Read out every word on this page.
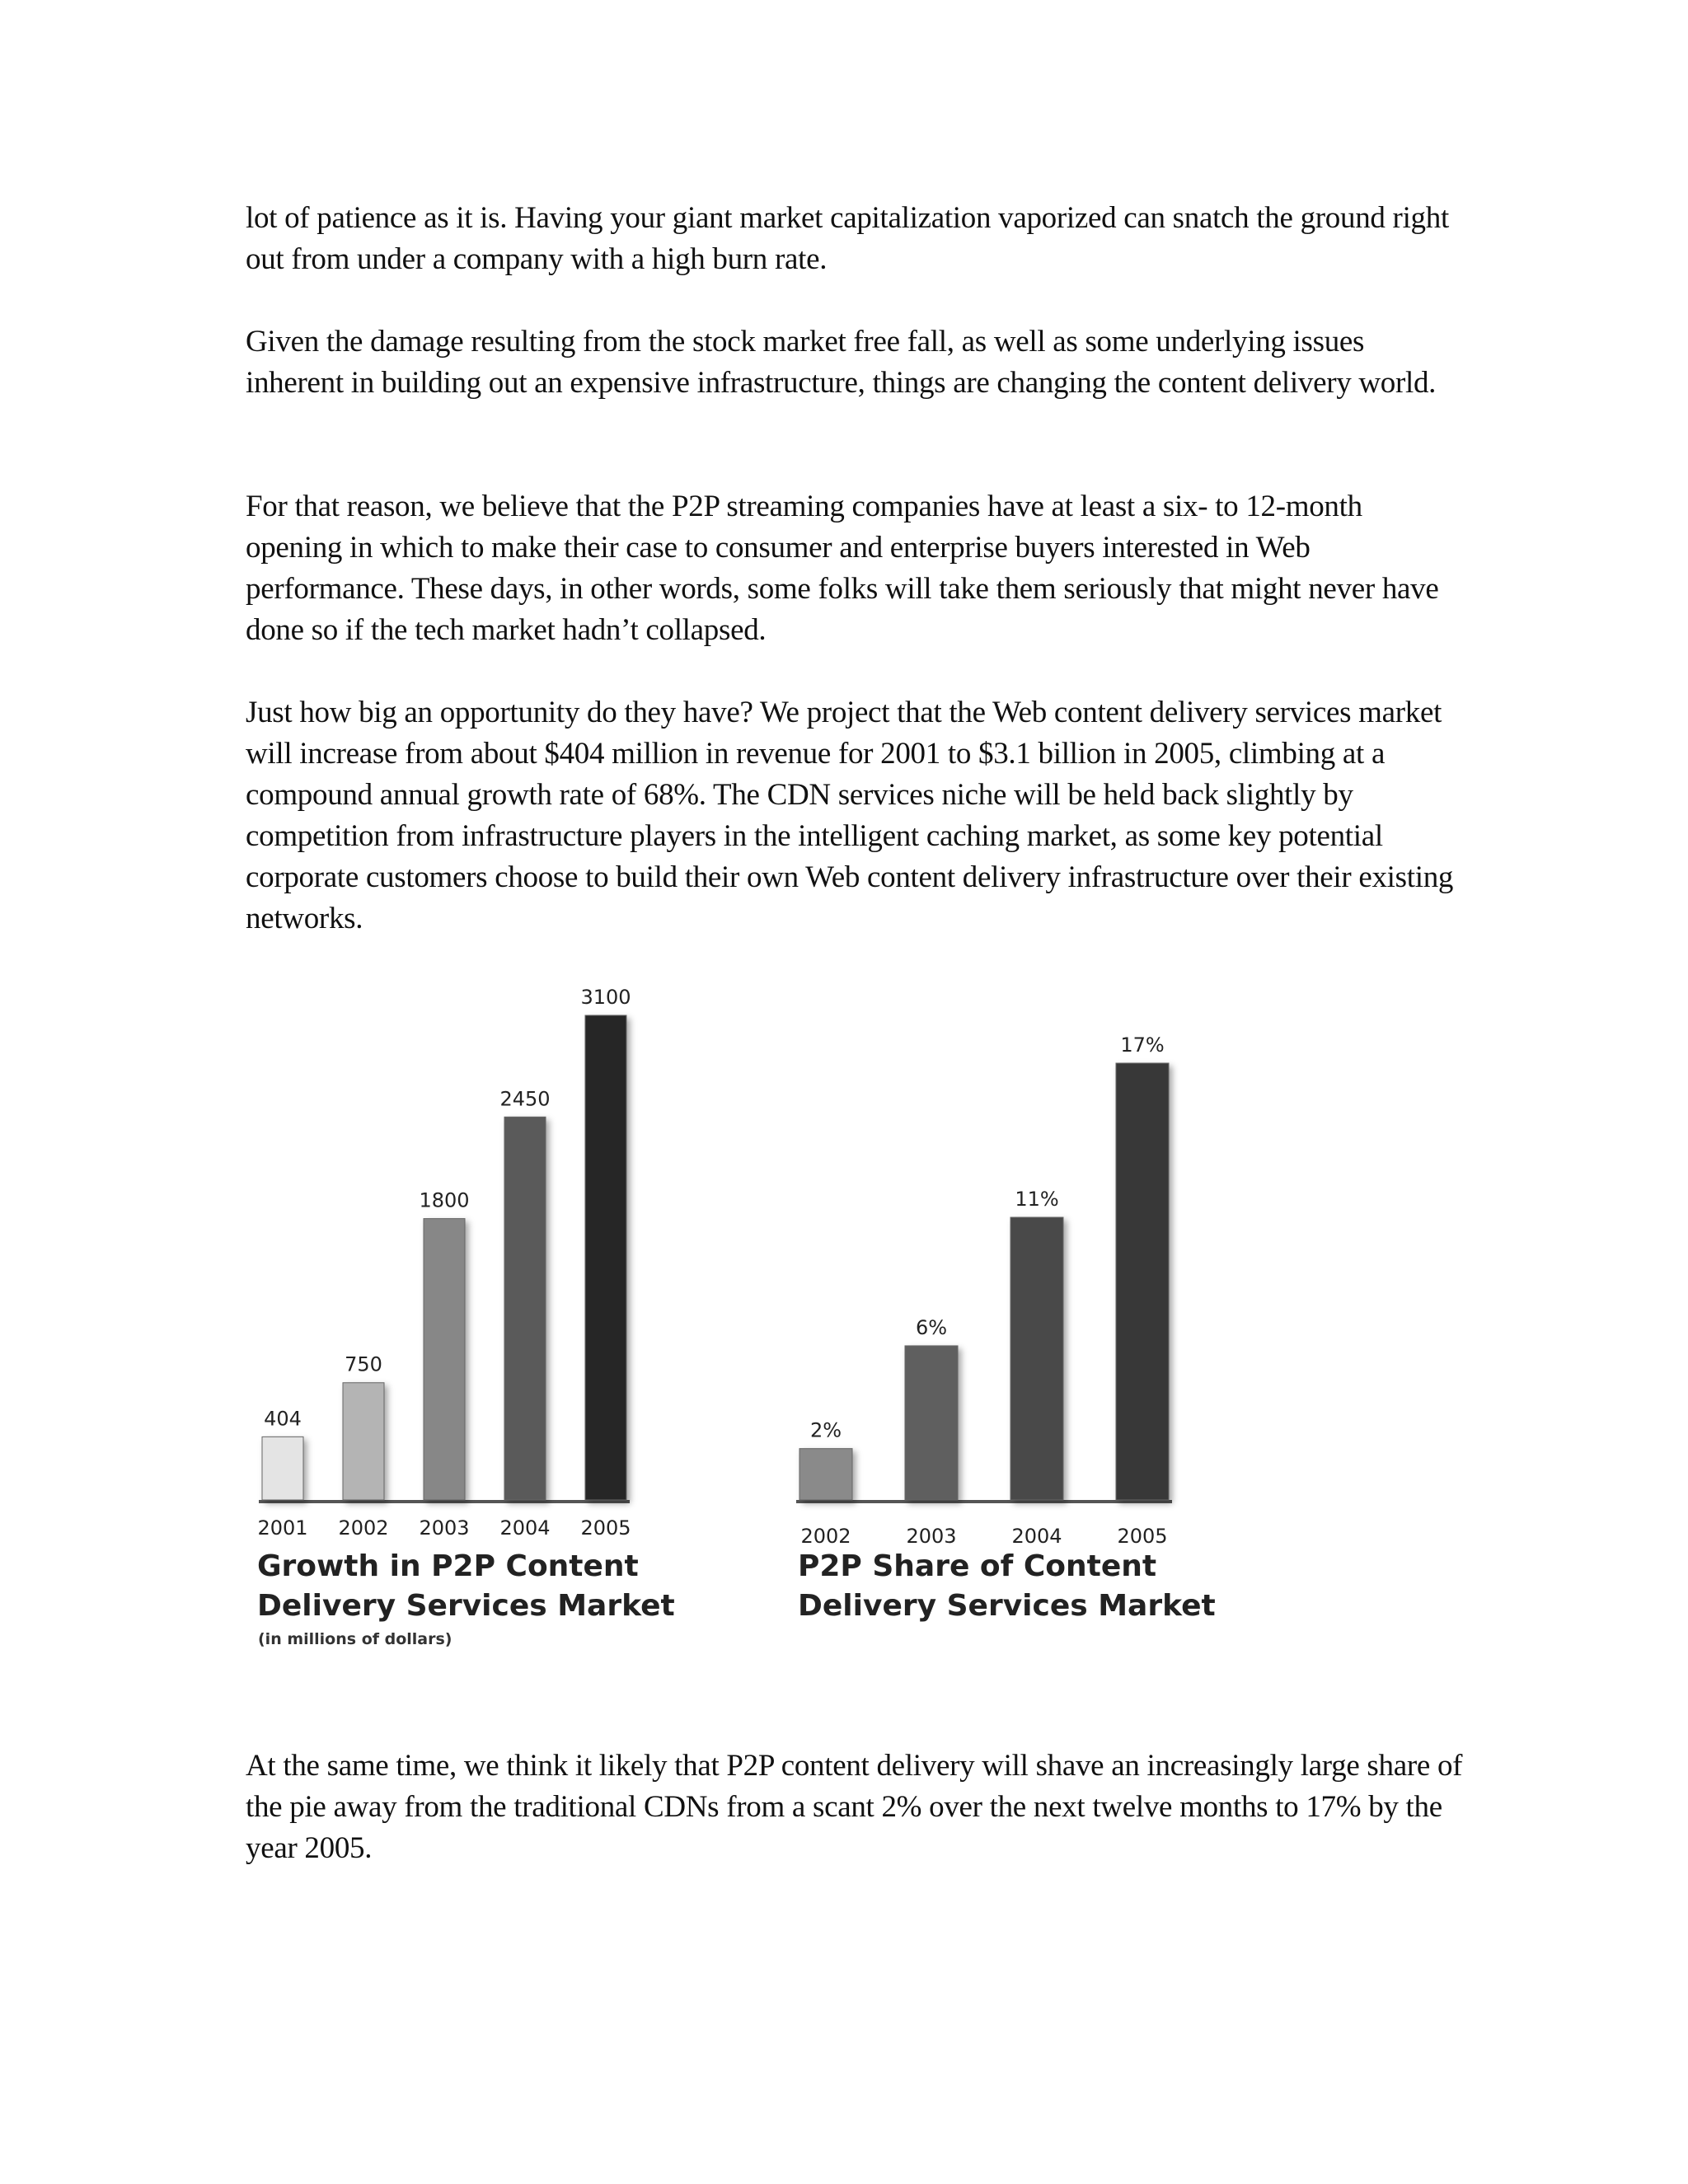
lot of patience as it is. Having your giant market capitalization vaporized can snatch the ground right out from under a company with a high burn rate.

Given the damage resulting from the stock market free fall, as well as some underlying issues inherent in building out an expensive infrastructure, things are changing the content delivery world.

For that reason, we believe that the P2P streaming companies have at least a six- to 12-month opening in which to make their case to consumer and enterprise buyers interested in Web performance. These days, in other words, some folks will take them seriously that might never have done so if the tech market hadn’t collapsed.

Just how big an opportunity do they have? We project that the Web content delivery services market will increase from about $404 million in revenue for 2001 to $3.1 billion in 2005, climbing at a compound annual growth rate of 68%. The CDN services niche will be held back slightly by competition from infrastructure players in the intelligent caching market, as some key potential corporate customers choose to build their own Web content delivery infrastructure over their existing networks.

404
2001
750
2002
1800
2003
2450
2004
3100
2005
2%
2002
6%
2003
11%
2004
17%
2005
Growth in P2P Content Delivery Services Market
(in millions of dollars)
P2P Share of Content Delivery Services Market

At the same time, we think it likely that P2P content delivery will shave an increasingly large share of the pie away from the traditional CDNs from a scant 2% over the next twelve months to 17% by the year 2005.
